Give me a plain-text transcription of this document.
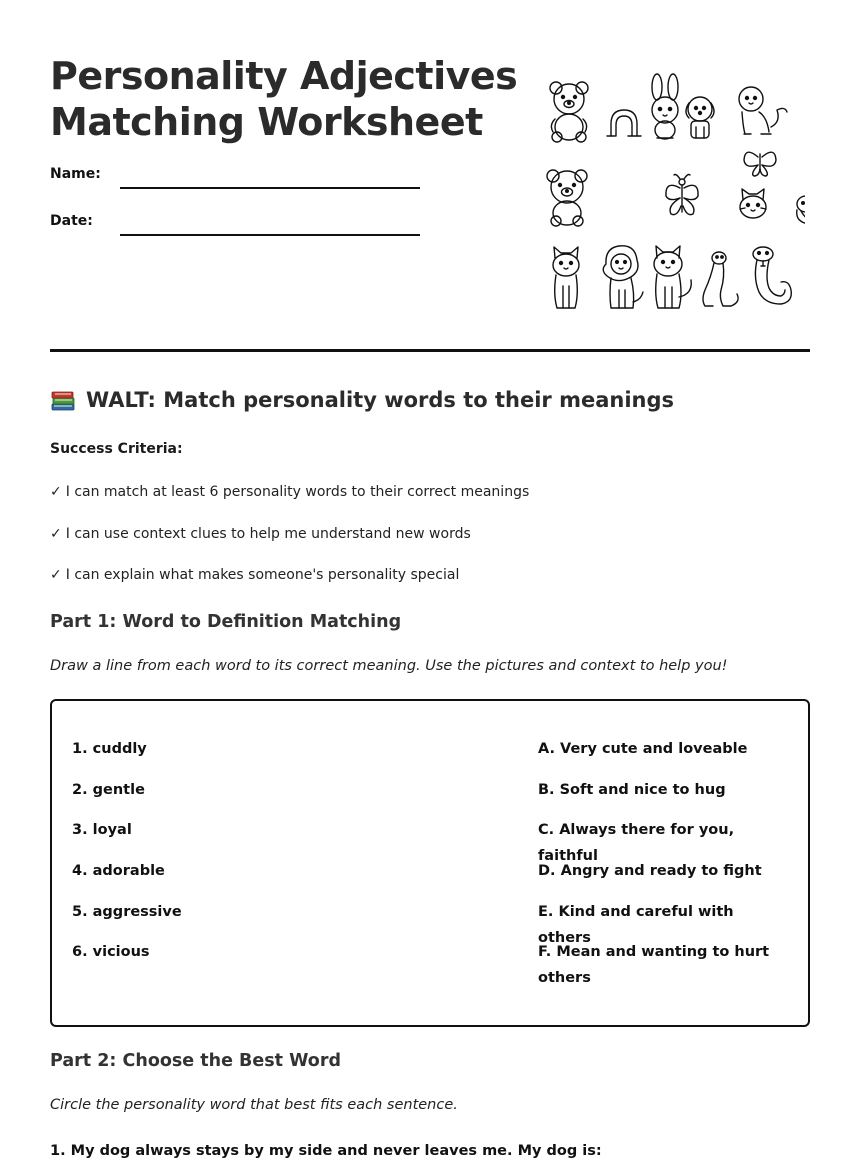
Personality Adjectives
Matching Worksheet
Name:
Date:
WALT: Match personality words to their meanings
Success Criteria:
✓ I can match at least 6 personality words to their correct meanings
✓ I can use context clues to help me understand new words
✓ I can explain what makes someone's personality special
Part 1: Word to Definition Matching
Draw a line from each word to its correct meaning. Use the pictures and context to help you!
1. cuddly
2. gentle
3. loyal
4. adorable
5. aggressive
6. vicious
A. Very cute and loveable
B. Soft and nice to hug
C. Always there for you, faithful
D. Angry and ready to fight
E. Kind and careful with others
F. Mean and wanting to hurt others
Part 2: Choose the Best Word
Circle the personality word that best fits each sentence.
1. My dog always stays by my side and never leaves me. My dog is:
